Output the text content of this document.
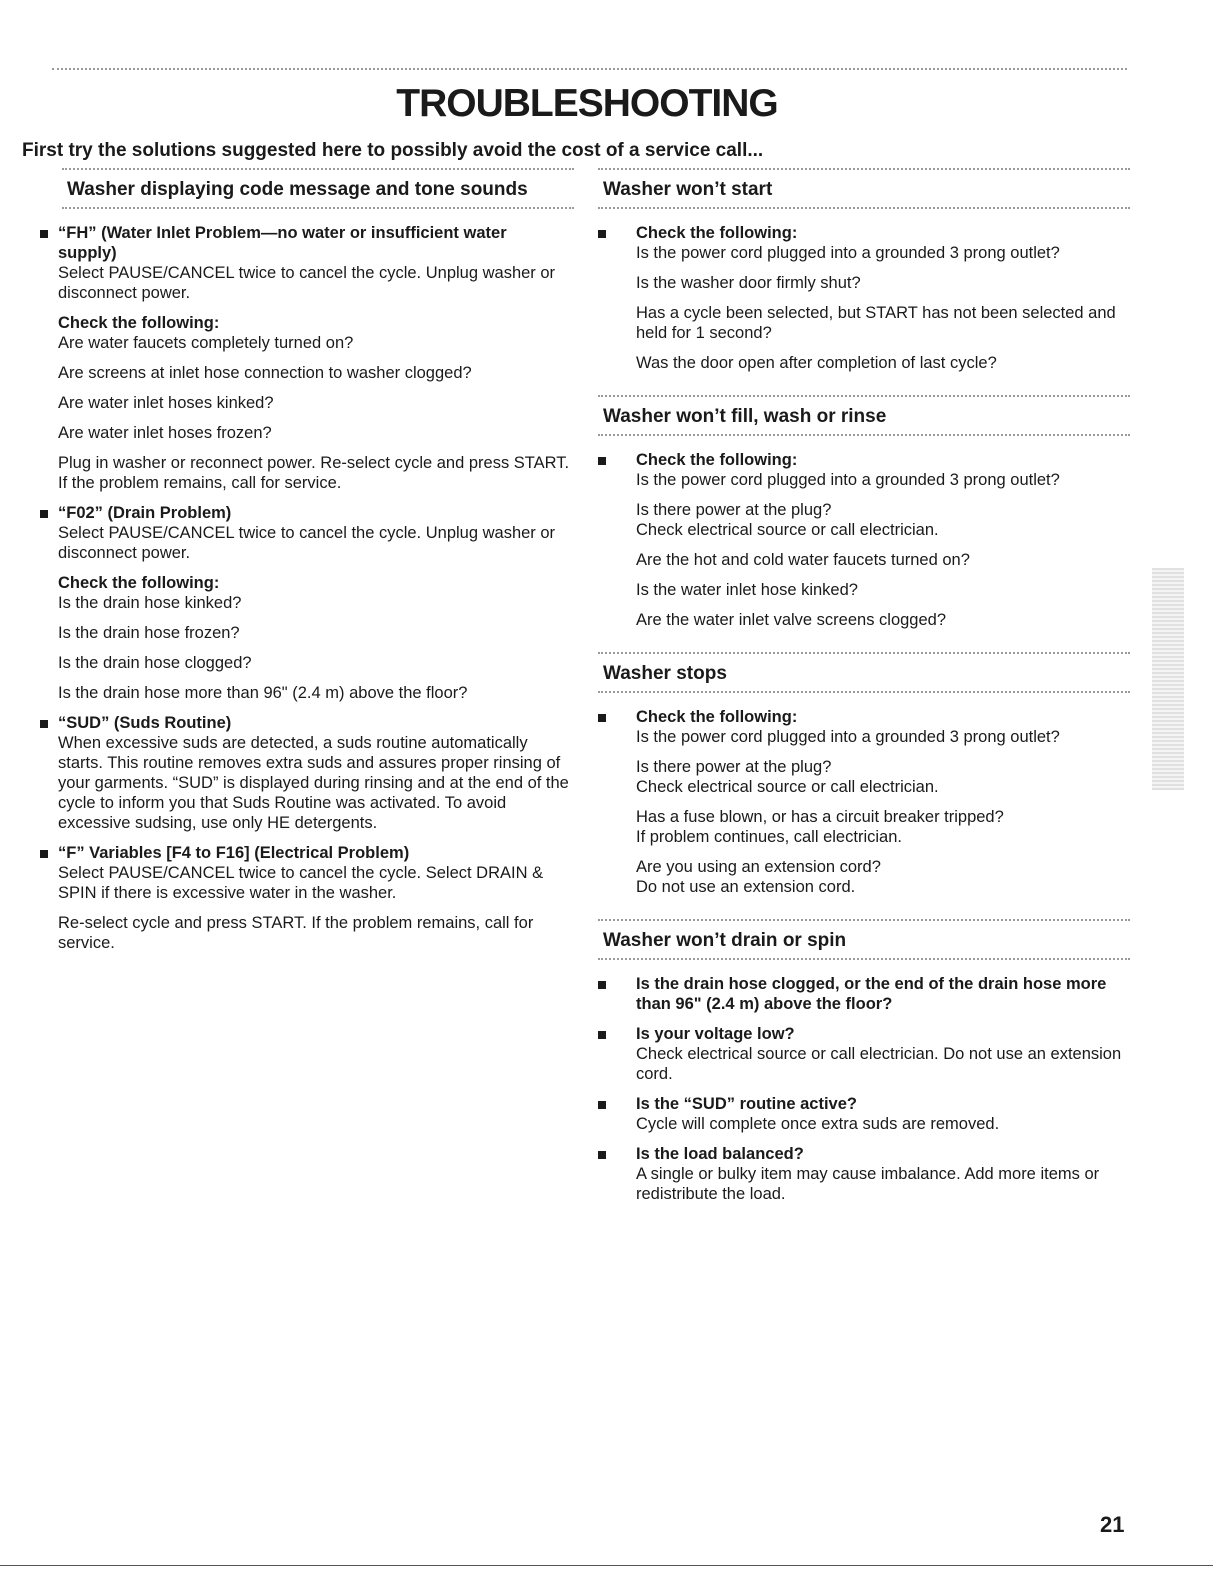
TROUBLESHOOTING

First try the solutions suggested here to possibly avoid the cost of a service call...

Washer displaying code message and tone sounds

“FH” (Water Inlet Problem—no water or insufficient water

supply)

Select PAUSE/CANCEL twice to cancel the cycle. Unplug washer or disconnect power.

Check the following:

Are water faucets completely turned on?

Are screens at inlet hose connection to washer clogged?

Are water inlet hoses kinked?

Are water inlet hoses frozen?

Plug in washer or reconnect power. Re-select cycle and press START. If the problem remains, call for service.

“F02” (Drain Problem)

Select PAUSE/CANCEL twice to cancel the cycle. Unplug washer or disconnect power.

Check the following:

Is the drain hose kinked?

Is the drain hose frozen?

Is the drain hose clogged?

Is the drain hose more than 96" (2.4 m) above the floor?

“SUD” (Suds Routine)

When excessive suds are detected, a suds routine automatically starts. This routine removes extra suds and assures proper rinsing of your garments. “SUD” is displayed during rinsing and at the end of the cycle to inform you that Suds Routine was activated. To avoid excessive sudsing, use only HE detergents.

“F” Variables [F4 to F16] (Electrical Problem)

Select PAUSE/CANCEL twice to cancel the cycle. Select DRAIN & SPIN if there is excessive water in the washer.

Re-select cycle and press START. If the problem remains, call for service.

Washer won’t start

Check the following:

Is the power cord plugged into a grounded 3 prong outlet?

Is the washer door firmly shut?

Has a cycle been selected, but START has not been selected and held for 1 second?

Was the door open after completion of last cycle?

Washer won’t fill, wash or rinse

Check the following:

Is the power cord plugged into a grounded 3 prong outlet?

Is there power at the plug?

Check electrical source or call electrician.

Are the hot and cold water faucets turned on?

Is the water inlet hose kinked?

Are the water inlet valve screens clogged?

Washer stops

Check the following:

Is the power cord plugged into a grounded 3 prong outlet?

Is there power at the plug?

Check electrical source or call electrician.

Has a fuse blown, or has a circuit breaker tripped?

If problem continues, call electrician.

Are you using an extension cord?

Do not use an extension cord.

Washer won’t drain or spin

Is the drain hose clogged, or the end of the drain hose more than 96" (2.4 m) above the floor?

Is your voltage low?

Check electrical source or call electrician. Do not use an extension cord.

Is the “SUD” routine active?

Cycle will complete once extra suds are removed.

Is the load balanced?

A single or bulky item may cause imbalance. Add more items or redistribute the load.

21
